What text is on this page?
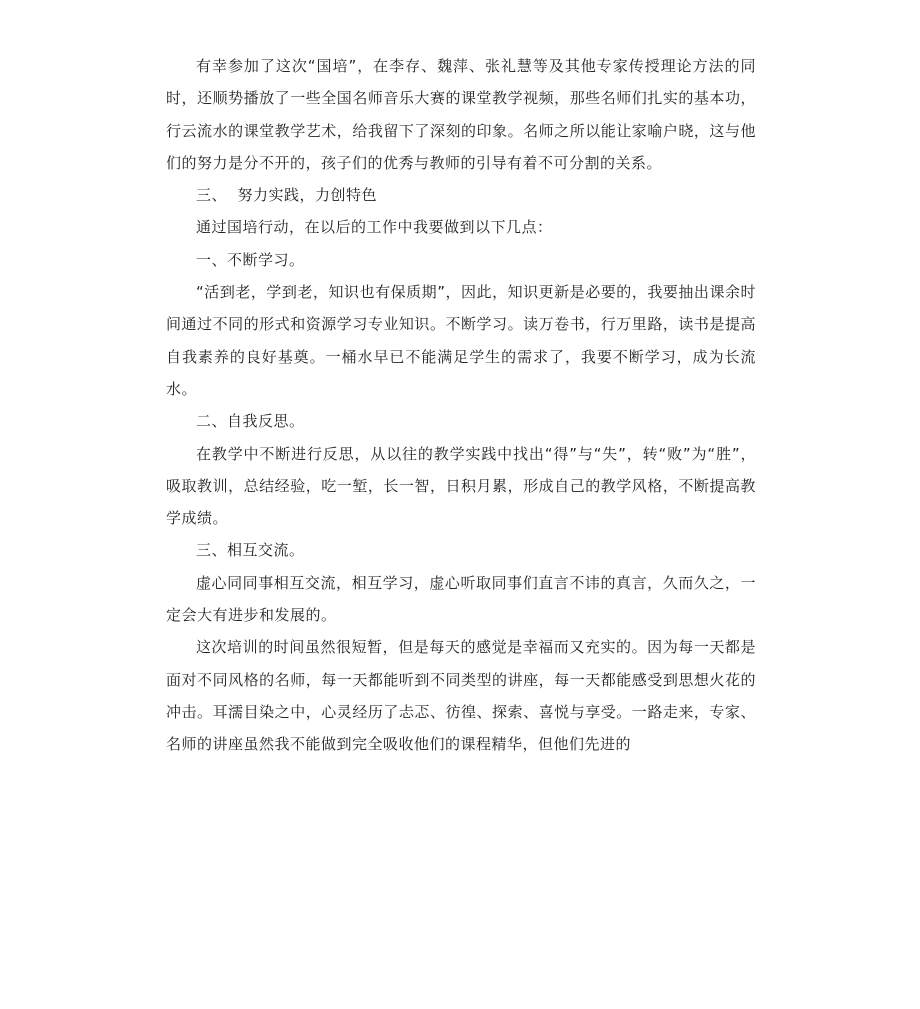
有幸参加了这次“国培”，在李存、魏萍、张礼慧等及其他专家传授理论方法的同时，还顺势播放了一些全国名师音乐大赛的课堂教学视频，那些名师们扎实的基本功，行云流水的课堂教学艺术，给我留下了深刻的印象。名师之所以能让家喻户晓，这与他们的努力是分不开的，孩子们的优秀与教师的引导有着不可分割的关系。

三、  努力实践，力创特色

通过国培行动，在以后的工作中我要做到以下几点：

一、不断学习。

“活到老，学到老，知识也有保质期”，因此，知识更新是必要的，我要抽出课余时间通过不同的形式和资源学习专业知识。不断学习。读万卷书，行万里路，读书是提高自我素养的良好基奠。一桶水早已不能满足学生的需求了，我要不断学习，成为长流水。

二、自我反思。

在教学中不断进行反思，从以往的教学实践中找出“得”与“失”，转“败”为“胜”，吸取教训，总结经验，吃一堑，长一智，日积月累，形成自己的教学风格，不断提高教学成绩。

三、相互交流。

虚心同同事相互交流，相互学习，虚心听取同事们直言不讳的真言，久而久之，一定会大有进步和发展的。

这次培训的时间虽然很短暂，但是每天的感觉是幸福而又充实的。因为每一天都是面对不同风格的名师，每一天都能听到不同类型的讲座，每一天都能感受到思想火花的冲击。耳濡目染之中，心灵经历了忐忑、彷徨、探索、喜悦与享受。一路走来，专家、名师的讲座虽然我不能做到完全吸收他们的课程精华，但他们先进的
